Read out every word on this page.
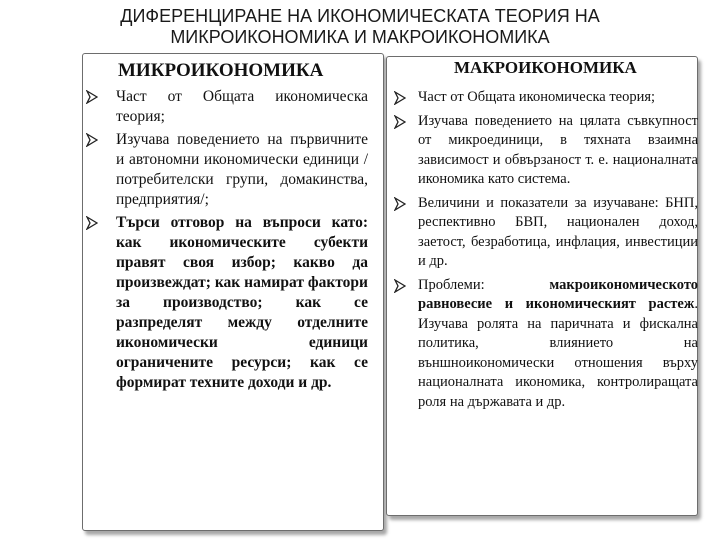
ДИФЕРЕНЦИРАНЕ НА ИКОНОМИЧЕСКАТА ТЕОРИЯ НА
МИКРОИКОНОМИКА И МАКРОИКОНОМИКА
МИКРОИКОНОМИКА	МАКРОИКОНОМИКА
Част от Общата икономическа теория;
Изучава поведението на първичните и автономни икономически единици /потребителски групи, домакинства, предприятия/;
Търси отговор на въпроси като: как икономическите субекти правят своя избор; какво да произвеждат; как намират фактори за производство; как се разпределят между отделните икономически единици ограничените ресурси; как се формират техните доходи и др.
Част от Общата икономическа теория;
Изучава поведението на цялата съвкупност от микроединици, в тяхната взаимна зависимост и обвързаност т. е. националната икономика като система.
Величини и показатели за изучаване: БНП, респективно БВП, национален доход, заетост, безработица, инфлация, инвестиции и др.
Проблеми: макроикономическото равновесие и икономическият растеж. Изучава ролята на паричната и фискална политика, влиянието на външноикономически отношения върху националната икономика, контролиращата роля на държавата и др.
